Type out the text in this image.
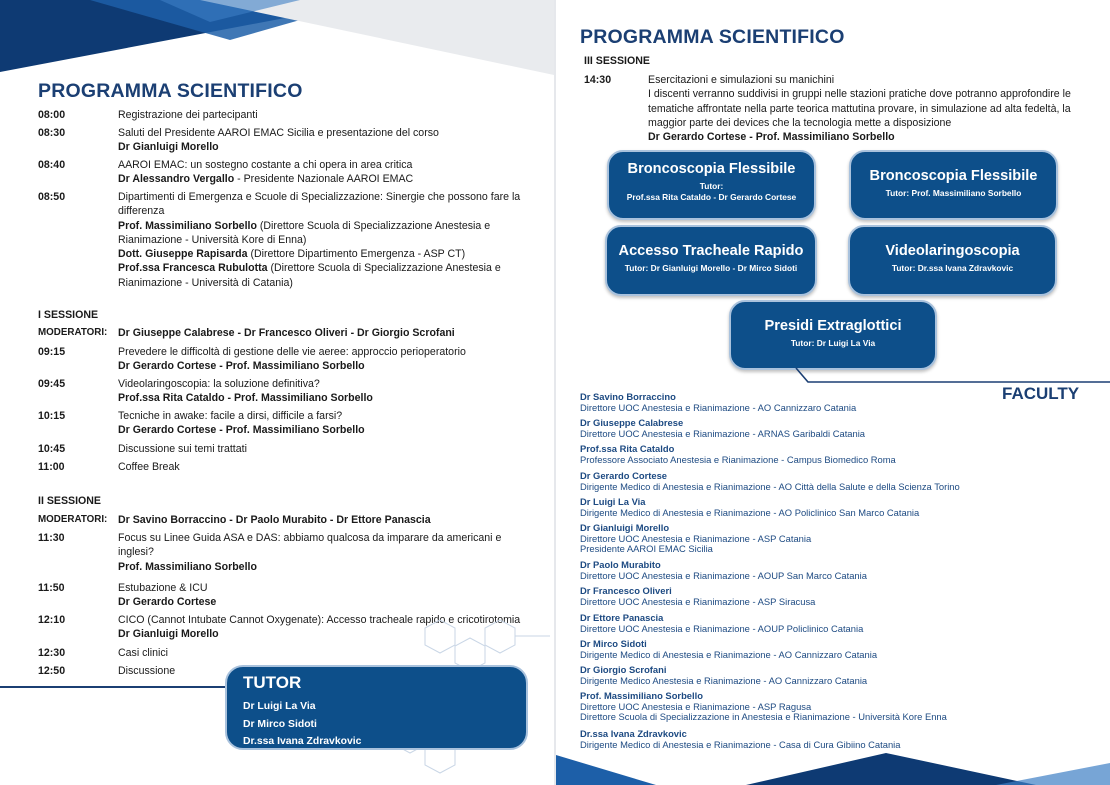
PROGRAMMA SCIENTIFICO
08:00	Registrazione dei partecipanti
08:30	Saluti del Presidente AAROI EMAC Sicilia e presentazione del corso
Dr Gianluigi Morello
08:40	AAROI EMAC: un sostegno costante a chi opera in area critica
Dr Alessandro Vergallo - Presidente Nazionale AAROI EMAC
08:50	Dipartimenti di Emergenza e Scuole di Specializzazione: Sinergie che possono fare la
differenza
Prof. Massimiliano Sorbello (Direttore Scuola di Specializzazione Anestesia e
Rianimazione - Università Kore di Enna)
Dott. Giuseppe Rapisarda (Direttore Dipartimento Emergenza - ASP CT)
Prof.ssa Francesca Rubulotta (Direttore Scuola di Specializzazione Anestesia e
Rianimazione - Università di Catania)
I SESSIONE
MODERATORI: Dr Giuseppe Calabrese - Dr Francesco Oliveri - Dr Giorgio Scrofani
09:15	Prevedere le difficoltà di gestione delle vie aeree: approccio perioperatorio
Dr Gerardo Cortese - Prof. Massimiliano Sorbello
09:45	Videolaringoscopia: la soluzione definitiva?
Prof.ssa Rita Cataldo - Prof. Massimiliano Sorbello
10:15	Tecniche in awake: facile a dirsi, difficile a farsi?
Dr Gerardo Cortese - Prof. Massimiliano Sorbello
10:45	Discussione sui temi trattati
11:00	Coffee Break
II SESSIONE
MODERATORI: Dr Savino Borraccino - Dr Paolo Murabito - Dr Ettore Panascia
11:30	Focus su Linee Guida ASA e DAS: abbiamo qualcosa da imparare da americani e
inglesi?
Prof. Massimiliano Sorbello
11:50	Estubazione & ICU
Dr Gerardo Cortese
12:10	CICO (Cannot Intubate Cannot Oxygenate): Accesso tracheale rapido e cricotirotomia
Dr Gianluigi Morello
12:30	Casi clinici
12:50	Discussione
TUTOR
Dr Luigi La Via
Dr Mirco Sidoti
Dr.ssa Ivana Zdravkovic
PROGRAMMA SCIENTIFICO
III SESSIONE
14:30	Esercitazioni e simulazioni su manichini
I discenti verranno suddivisi in gruppi nelle stazioni pratiche dove potranno approfondire le
tematiche affrontate nella parte teorica mattutina provare, in simulazione ad alta fedeltà, la
maggior parte dei devices che la tecnologia mette a disposizione
Dr Gerardo Cortese - Prof. Massimiliano Sorbello
Broncoscopia Flessibile
Tutor:
Prof.ssa Rita Cataldo - Dr Gerardo Cortese
Broncoscopia Flessibile
Tutor: Prof. Massimiliano Sorbello
Accesso Tracheale Rapido
Tutor: Dr Gianluigi Morello - Dr Mirco Sidoti
Videolaringoscopia
Tutor: Dr.ssa Ivana Zdravkovic
Presidi Extraglottici
Tutor: Dr Luigi La Via
FACULTY
Dr Savino Borraccino
Direttore UOC Anestesia e Rianimazione - AO Cannizzaro Catania
Dr Giuseppe Calabrese
Direttore UOC Anestesia e Rianimazione - ARNAS Garibaldi Catania
Prof.ssa Rita Cataldo
Professore Associato Anestesia e Rianimazione - Campus Biomedico Roma
Dr Gerardo Cortese
Dirigente Medico di Anestesia e Rianimazione - AO Città della Salute e della Scienza Torino
Dr Luigi La Via
Dirigente Medico di Anestesia e Rianimazione - AO Policlinico San Marco Catania
Dr Gianluigi Morello
Direttore UOC Anestesia e Rianimazione - ASP Catania
Presidente AAROI EMAC Sicilia
Dr Paolo Murabito
Direttore UOC Anestesia e Rianimazione - AOUP San Marco Catania
Dr Francesco Oliveri
Direttore UOC Anestesia e Rianimazione - ASP Siracusa
Dr Ettore Panascia
Direttore UOC Anestesia e Rianimazione - AOUP Policlinico Catania
Dr Mirco Sidoti
Dirigente Medico di Anestesia e Rianimazione - AO Cannizzaro Catania
Dr Giorgio Scrofani
Dirigente Medico Anestesia e Rianimazione - AO Cannizzaro Catania
Prof. Massimiliano Sorbello
Direttore UOC Anestesia e Rianimazione - ASP Ragusa
Direttore Scuola di Specializzazione in Anestesia e Rianimazione - Università Kore Enna
Dr.ssa Ivana Zdravkovic
Dirigente Medico di Anestesia e Rianimazione - Casa di Cura Gibiino Catania
